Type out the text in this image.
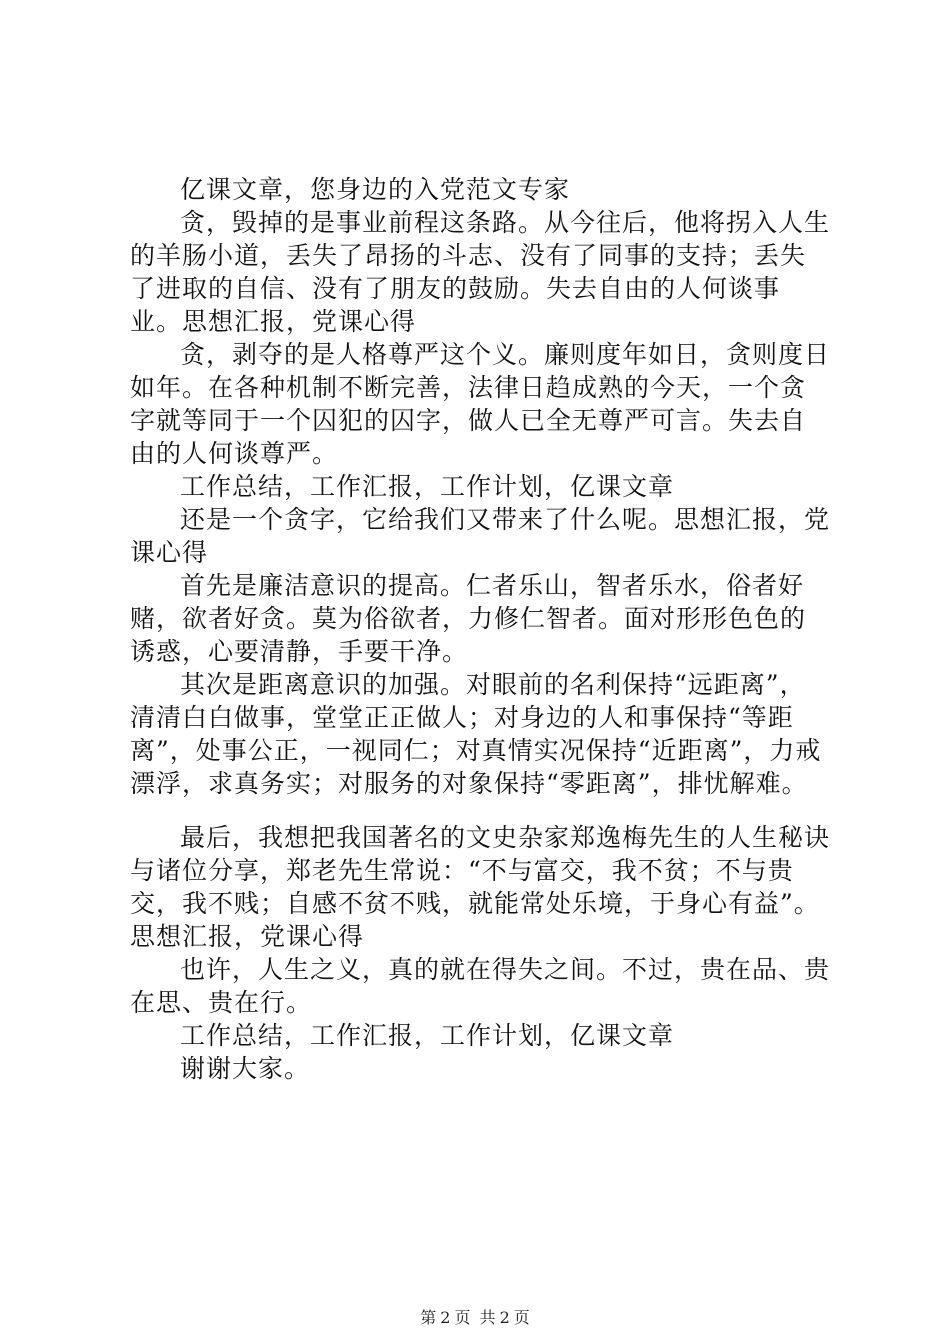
亿课文章，您身边的入党范文专家

贪，毁掉的是事业前程这条路。从今往后，他将拐入人生的羊肠小道，丢失了昂扬的斗志、没有了同事的支持；丢失了进取的自信、没有了朋友的鼓励。失去自由的人何谈事业。思想汇报，党课心得

贪，剥夺的是人格尊严这个义。廉则度年如日，贪则度日如年。在各种机制不断完善，法律日趋成熟的今天，一个贪字就等同于一个囚犯的囚字，做人已全无尊严可言。失去自由的人何谈尊严。

工作总结，工作汇报，工作计划，亿课文章

还是一个贪字，它给我们又带来了什么呢。思想汇报，党课心得

首先是廉洁意识的提高。仁者乐山，智者乐水，俗者好赌，欲者好贪。莫为俗欲者，力修仁智者。面对形形色色的诱惑，心要清静，手要干净。

其次是距离意识的加强。对眼前的名利保持“远距离”，清清白白做事，堂堂正正做人；对身边的人和事保持“等距离”，处事公正，一视同仁；对真情实况保持“近距离”，力戒漂浮，求真务实；对服务的对象保持“零距离”，排忧解难。

最后，我想把我国著名的文史杂家郑逸梅先生的人生秘诀与诸位分享，郑老先生常说：“不与富交，我不贫；不与贵交，我不贱；自感不贫不贱，就能常处乐境，于身心有益”。思想汇报，党课心得

也许，人生之义，真的就在得失之间。不过，贵在品、贵在思、贵在行。

工作总结，工作汇报，工作计划，亿课文章

谢谢大家。

第 2 页 共 2 页
